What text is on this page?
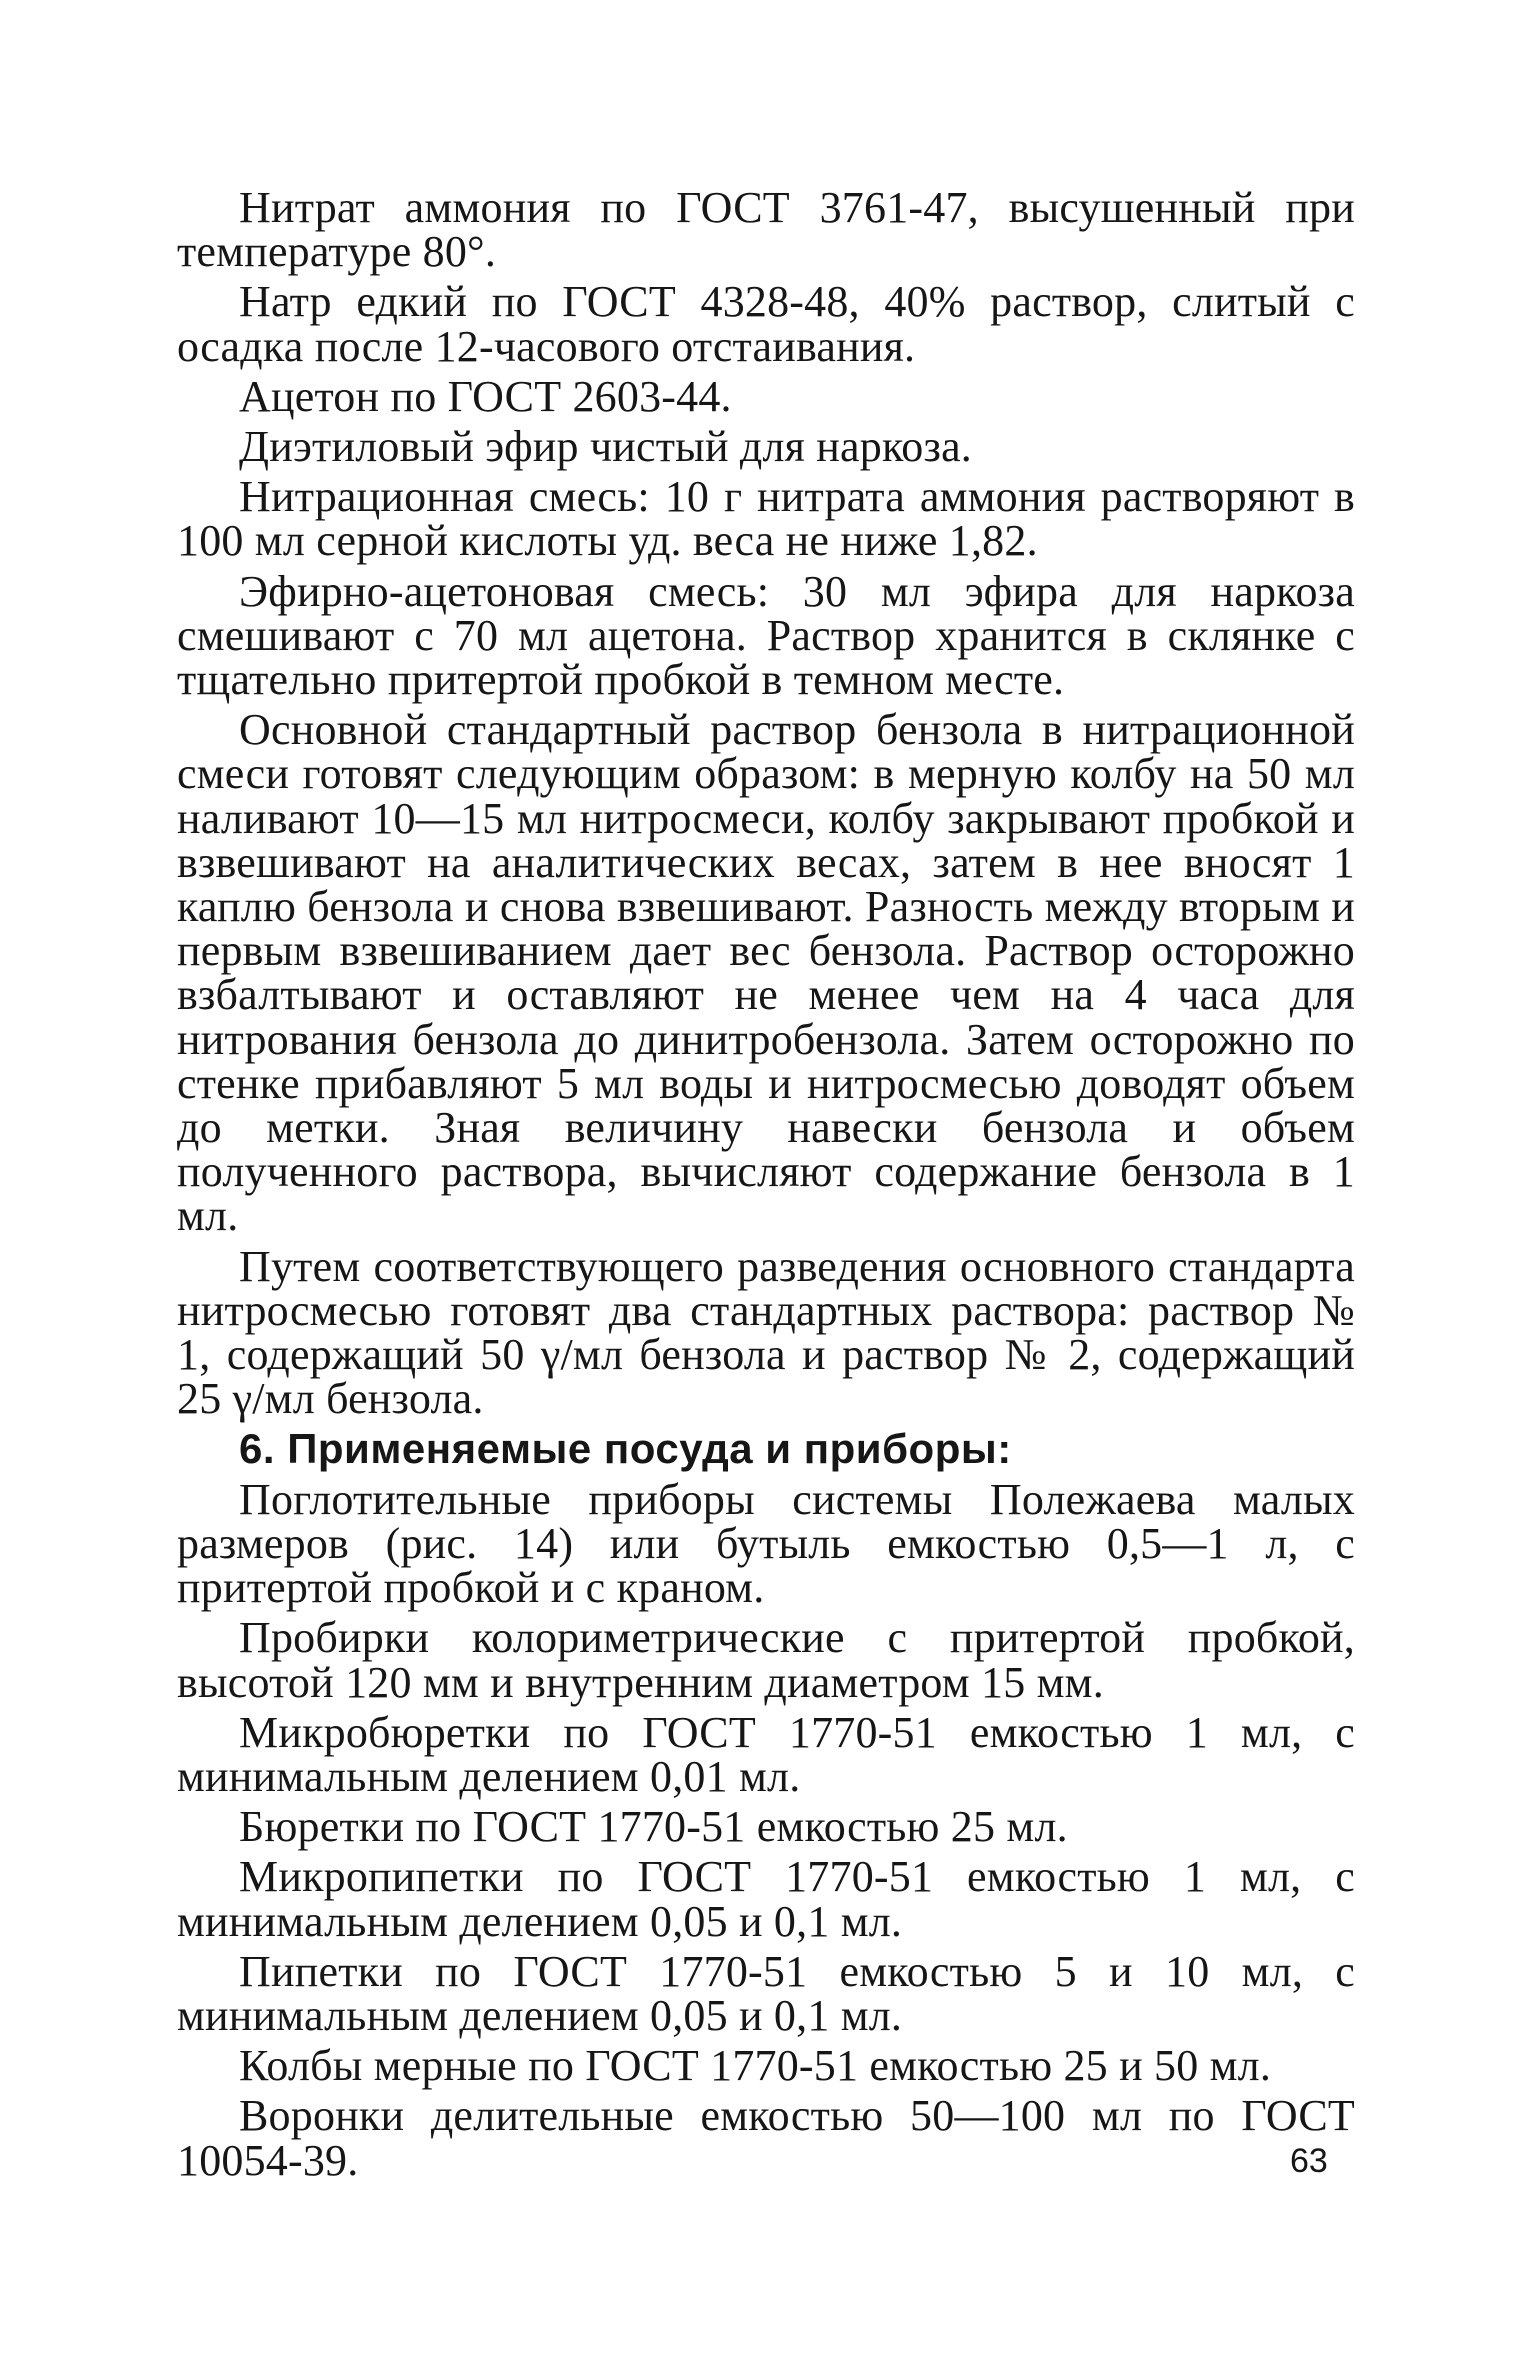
Нитрат аммония по ГОСТ 3761-47, высушенный при температуре 80°.

Натр едкий по ГОСТ 4328-48, 40% раствор, слитый с осадка после 12-часового отстаивания.

Ацетон по ГОСТ 2603-44.

Диэтиловый эфир чистый для наркоза.

Нитрационная смесь: 10 г нитрата аммония растворяют в 100 мл серной кислоты уд. веса не ниже 1,82.

Эфирно-ацетоновая смесь: 30 мл эфира для наркоза смешивают с 70 мл ацетона. Раствор хранится в склянке с тщательно притертой пробкой в темном месте.

Основной стандартный раствор бензола в нитрационной смеси готовят следующим образом: в мерную колбу на 50 мл наливают 10—15 мл нитросмеси, колбу закрывают пробкой и взвешивают на аналитических весах, затем в нее вносят 1 каплю бензола и снова взвешивают. Разность между вторым и первым взвешиванием дает вес бензола. Раствор осторожно взбалтывают и оставляют не менее чем на 4 часа для нитрования бензола до динитробензола. Затем осторожно по стенке прибавляют 5 мл воды и нитросмесью доводят объем до метки. Зная величину навески бензола и объем полученного раствора, вычисляют содержание бензола в 1 мл.

Путем соответствующего разведения основного стандарта нитросмесью готовят два стандартных раствора: раствор № 1, содержащий 50 γ/мл бензола и раствор № 2, содержащий 25 γ/мл бензола.

6. Применяемые посуда и приборы:

Поглотительные приборы системы Полежаева малых размеров (рис. 14) или бутыль емкостью 0,5—1 л, с притертой пробкой и с краном.

Пробирки колориметрические с притертой пробкой, высотой 120 мм и внутренним диаметром 15 мм.

Микробюретки по ГОСТ 1770-51 емкостью 1 мл, с минимальным делением 0,01 мл.

Бюретки по ГОСТ 1770-51 емкостью 25 мл.

Микропипетки по ГОСТ 1770-51 емкостью 1 мл, с минимальным делением 0,05 и 0,1 мл.

Пипетки по ГОСТ 1770-51 емкостью 5 и 10 мл, с минимальным делением 0,05 и 0,1 мл.

Колбы мерные по ГОСТ 1770-51 емкостью 25 и 50 мл.

Воронки делительные емкостью 50—100 мл по ГОСТ 10054-39.	63
